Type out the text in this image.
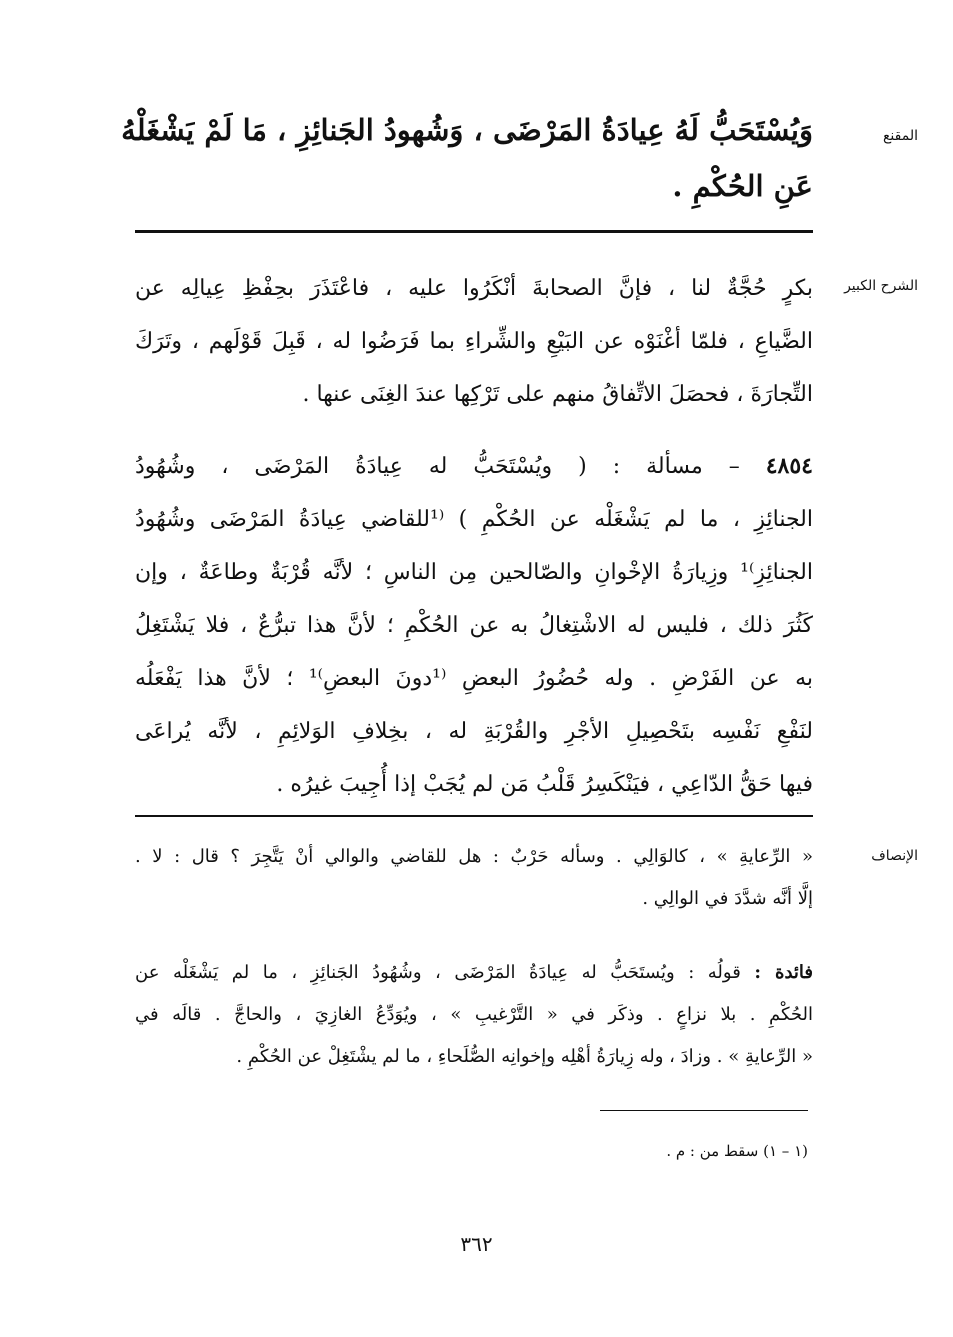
المقنع
وَيُسْتَحَبُّ لَهُ عِيادَةُ المَرْضَى ، وَشُهودُ الجَنائِزِ ، مَا لَمْ يَشْغَلْهُ
عَنِ الحُكْمِ .
الشرح الكبير
بكرٍ حُجَّةٌ لنا ، فإنَّ الصحابةَ أنْكَرُوا عليه ، فاعْتَذَرَ بحِفْظِ عِيالِه عن
الضَّياعِ ، فلمّا أغْنَوْه عن البَيْعِ والشِّراءِ بما فَرَضُوا له ، قَبِلَ قَوْلَهم ، وتَرَكَ
التِّجارَةَ ، فحصَلَ الاتِّفاقُ منهم على تَرْكِها عندَ الغِنَى عنها .
٤٨٥٤ – مسألة : ( ويُسْتَحَبُّ له عِيادَةُ المَرْضَى ، وشُهُودُ
الجنائِزِ ، ما لم يَشْغَلْه عن الحُكْمِ ) ⁽¹للقاضي عِيادَةُ المَرْضَى وشُهُودُ
الجنائِزِ⁾¹ وزِيارَةُ الإخْوانِ والصّالحين مِن الناسِ ؛ لأنَّه قُرْبَةٌ وطاعَةٌ ، وإن
كَثُرَ ذلك ، فليس له الاشْتِغالُ به عن الحُكْمِ ؛ لأنَّ هذا تبرُّعٌ ، فلا يَشْتَغِلُ
به عن الفَرْضِ . وله حُضُورُ البعضِ ⁽¹دونَ البعضِ⁾¹ ؛ لأنَّ هذا يَفْعَلُه
لنَفْعِ نَفْسِه بتَحْصِيلِ الأجْرِ والقُرْبَةِ له ، بخِلافِ الوَلائِمِ ، لأنَّه يُراعَى
فيها حَقُّ الدّاعِي ، فيَنْكَسِرُ قَلْبُ مَن لم يُجَبْ إذا أُجِيبَ غيرُه .
الإنصاف
« الرِّعايةِ » ، كالوَالِي . وسأله حَرْبٌ : هل للقاضي والوالي أنْ يَتَّجِرَ ؟ قال : لا .
إلَّا أنَّه شدَّدَ في الوالِي .
فائدة : قولُه : ويُستَحَبُّ له عِيادَةُ المَرْضَى ، وشُهُودُ الجَنائِزِ ، ما لم يَشْغَلْه عن
الحُكْمِ . بلا نزاعٍ . وذكَر في « التَّرْغيبِ » ، ويُوَدِّعُ الغازِيَ ، والحاجَّ . قالَه في
« الرِّعايةِ » . وزادَ ، وله زِيارَةُ أهْلِه وإخوانِه الصُّلَحاءِ ، ما لم يشْتَغِلْ عن الحُكْمِ .
(١ – ١) سقط من : م .
٣٦٢
